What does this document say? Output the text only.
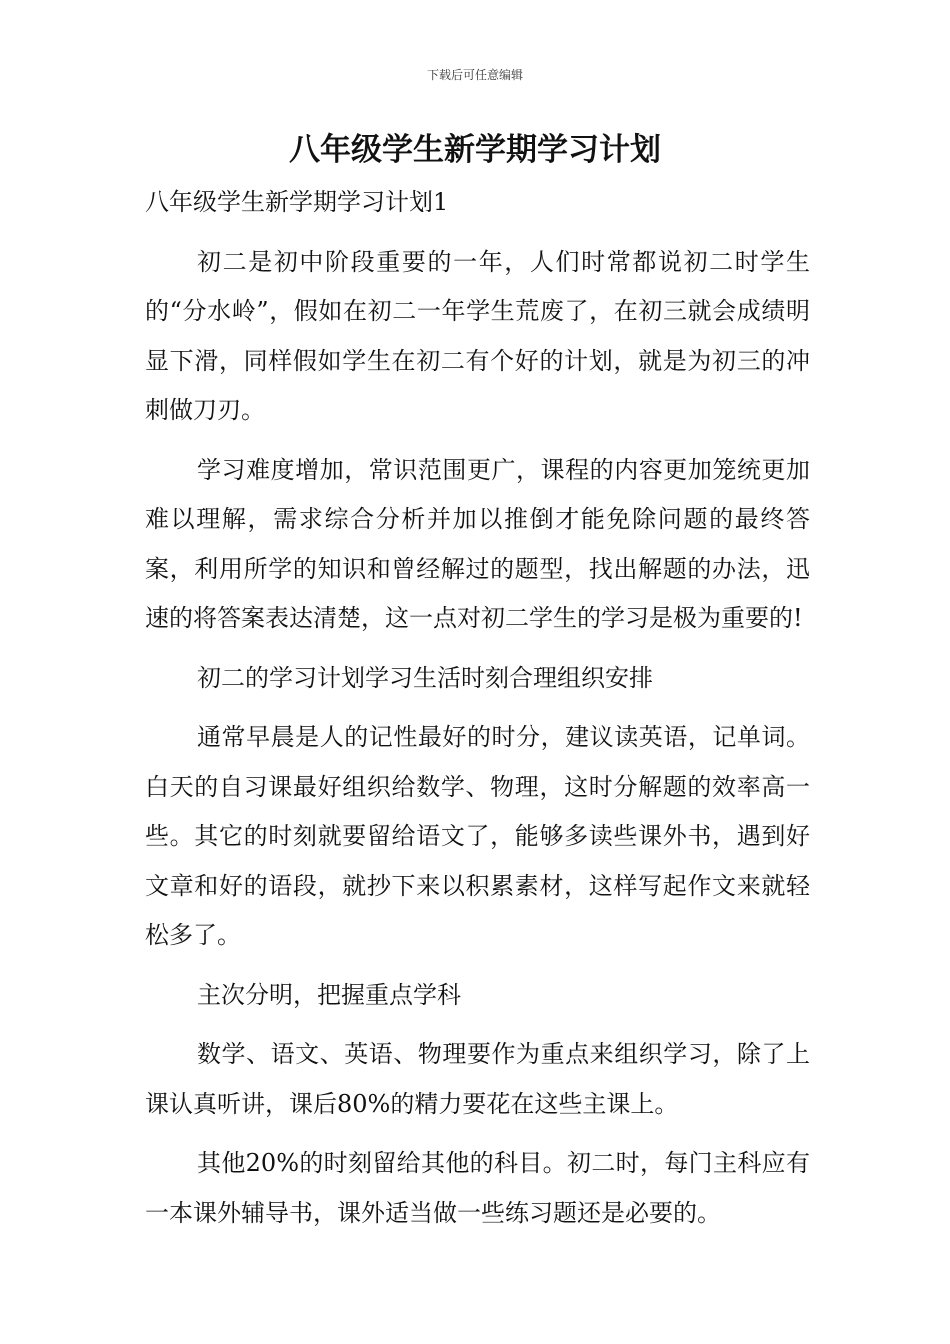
下载后可任意编辑
八年级学生新学期学习计划

八年级学生新学期学习计划1

初二是初中阶段重要的一年，人们时常都说初二时学生的“分水岭”，假如在初二一年学生荒废了，在初三就会成绩明显下滑，同样假如学生在初二有个好的计划，就是为初三的冲刺做刀刃。

学习难度增加，常识范围更广，课程的内容更加笼统更加难以理解，需求综合分析并加以推倒才能免除问题的最终答案，利用所学的知识和曾经解过的题型，找出解题的办法，迅速的将答案表达清楚，这一点对初二学生的学习是极为重要的!

初二的学习计划学习生活时刻合理组织安排

通常早晨是人的记性最好的时分，建议读英语，记单词。白天的自习课最好组织给数学、物理，这时分解题的效率高一些。其它的时刻就要留给语文了，能够多读些课外书，遇到好文章和好的语段，就抄下来以积累素材，这样写起作文来就轻松多了。

主次分明，把握重点学科

数学、语文、英语、物理要作为重点来组织学习，除了上课认真听讲，课后80%的精力要花在这些主课上。

其他20%的时刻留给其他的科目。初二时，每门主科应有一本课外辅导书，课外适当做一些练习题还是必要的。
